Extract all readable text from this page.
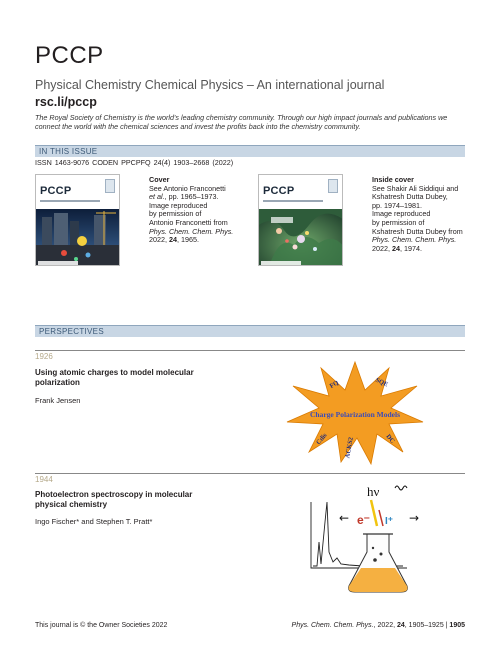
PCCP
Physical Chemistry Chemical Physics – An international journal
rsc.li/pccp
The Royal Society of Chemistry is the world's leading chemistry community. Through our high impact journals and publications we connect the world with the chemical sciences and invest the profits back into the chemistry community.
IN THIS ISSUE
ISSN 1463-9076 CODEN PPCPFQ 24(4) 1903–2668 (2022)
PCCP
Cover
See Antonio Franconetti
et al., pp. 1965–1973.
Image reproduced
by permission of
Antonio Franconetti from
Phys. Chem. Chem. Phys.
2022, 24, 1965.
PCCP
Inside cover
See Shakir Ali Siddiqui and
Kshatresh Dutta Dubey,
pp. 1974–1981.
Image reproduced
by permission of
Kshatresh Dutta Dubey from
Phys. Chem. Chem. Phys.
2022, 24, 1974.
PERSPECTIVES
1926
Using atomic charges to model molecular polarization
Frank Jensen
Charge Polarization Models
FQ	SQE
Cdis ACKS2	DC
1944
Photoelectron spectroscopy in molecular physical chemistry
Ingo Fischer* and Stephen T. Pratt*
hν
← e⁻ I⁺ →
This journal is © the Owner Societies 2022	Phys. Chem. Chem. Phys., 2022, 24, 1905–1925 | 1905
